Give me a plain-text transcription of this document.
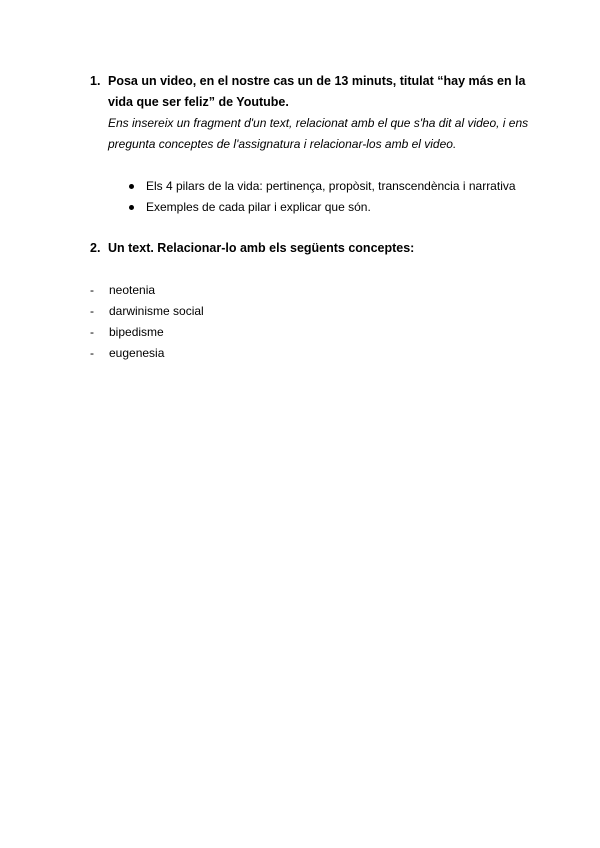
1. Posa un video, en el nostre cas un de 13 minuts, titulat “hay más en la vida que ser feliz” de Youtube.
Ens insereix un fragment d'un text, relacionat amb el que s'ha dit al video, i ens pregunta conceptes de l'assignatura i relacionar-los amb el video.
Els 4 pilars de la vida: pertinença, propòsit, transcendència i narrativa
Exemples de cada pilar i explicar que són.
2. Un text. Relacionar-lo amb els següents conceptes:
- neotenia
- darwinisme social
- bipedisme
- eugenesia
